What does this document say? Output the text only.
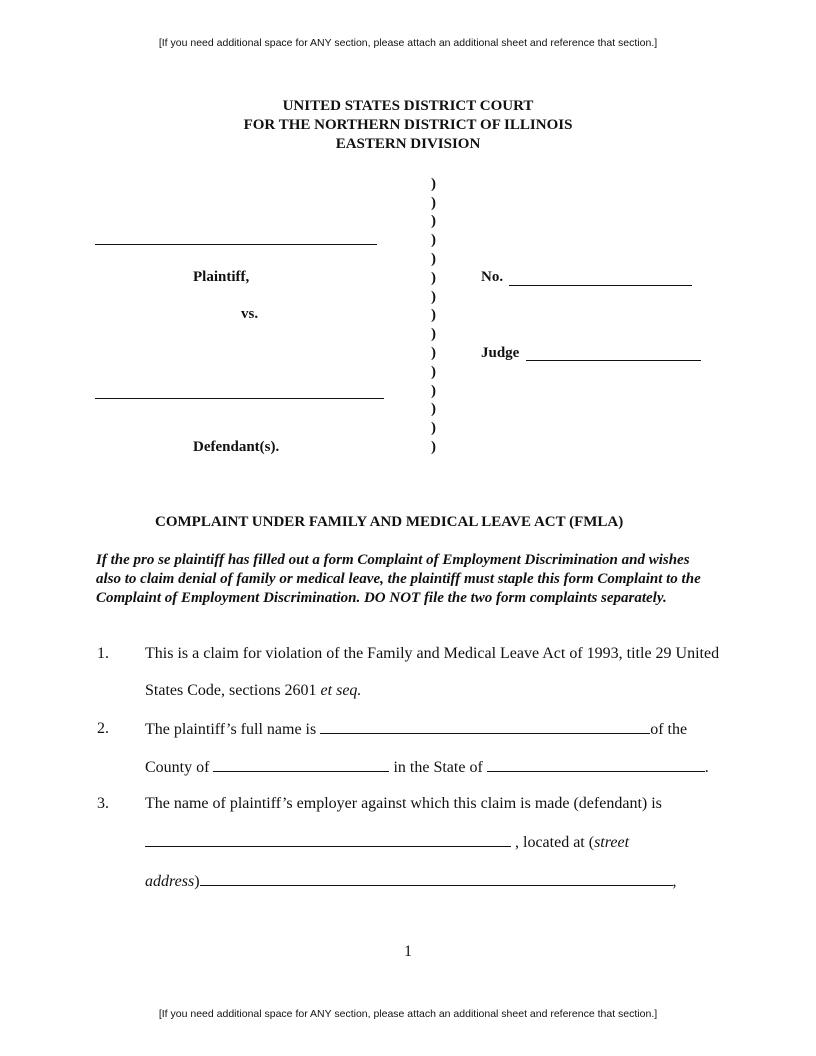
[If you need additional space for ANY section, please attach an additional sheet and reference that section.]
UNITED STATES DISTRICT COURT
FOR THE NORTHERN DISTRICT OF ILLINOIS
EASTERN DIVISION
)
)
)
)
)
)
)
)
)
)
)
)
)
)
)
Plaintiff,
vs.
Defendant(s).
No.
Judge
COMPLAINT UNDER FAMILY AND MEDICAL LEAVE ACT (FMLA)
If the pro se plaintiff has filled out a form Complaint of Employment Discrimination and wishes also to claim denial of family or medical leave, the plaintiff must staple this form Complaint to the Complaint of Employment Discrimination. DO NOT file the two form complaints separately.
1. This is a claim for violation of the Family and Medical Leave Act of 1993, title 29 United
States Code, sections 2601 et seq.
2. The plaintiff’s full name is	of the
County of	in the State of	.
3. The name of plaintiff’s employer against which this claim is made (defendant) is
, located at (street
address)	,
1
[If you need additional space for ANY section, please attach an additional sheet and reference that section.]
